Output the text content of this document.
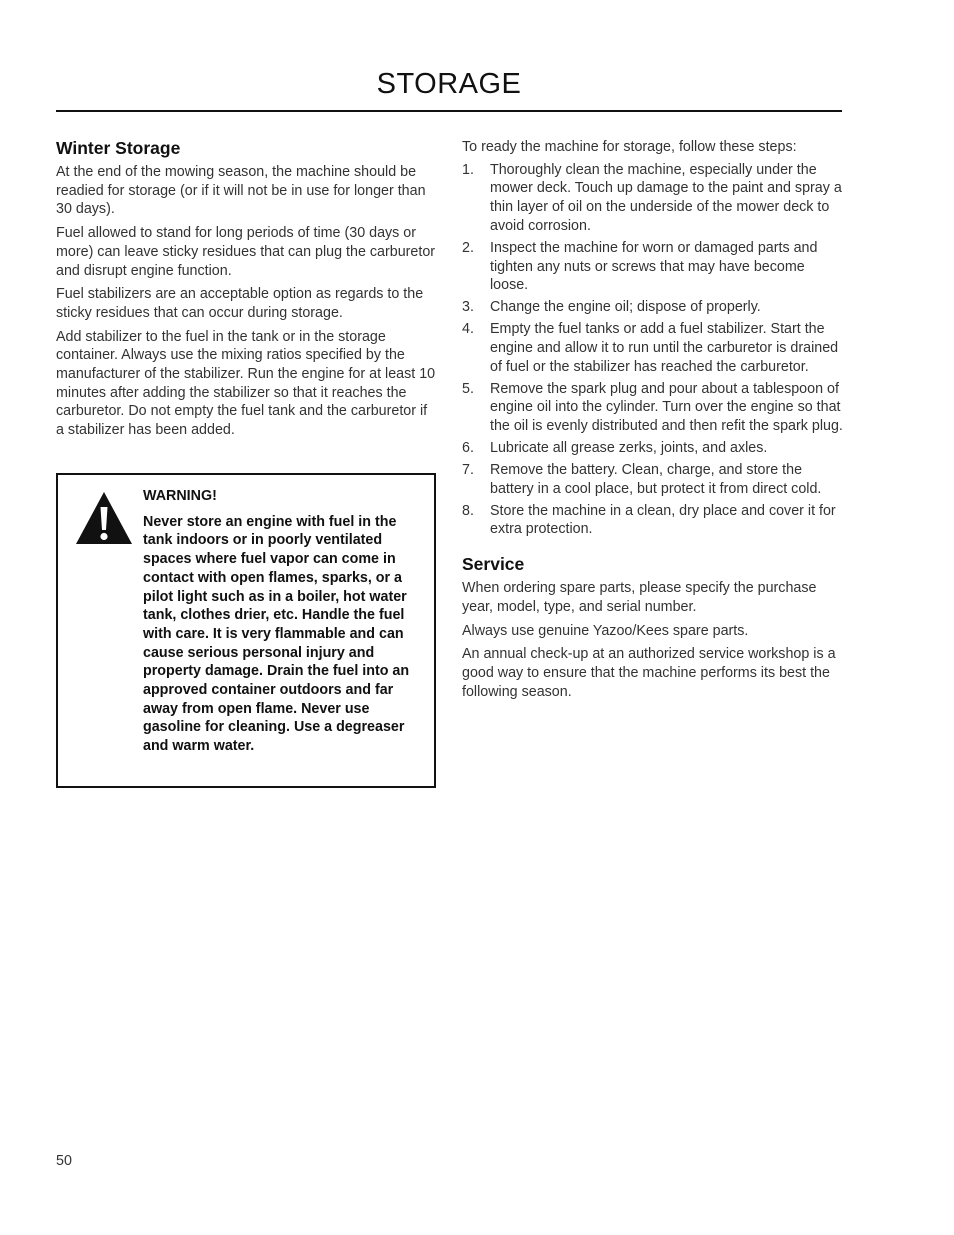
STORAGE
Winter Storage

At the end of the mowing season, the machine should be readied for storage (or if it will not be in use for longer than 30 days).

Fuel allowed to stand for long periods of time (30 days or more) can leave sticky residues that can plug the carburetor and disrupt engine function.

Fuel stabilizers are an acceptable option as regards to the sticky residues that can occur during storage.

Add stabilizer to the fuel in the tank or in the storage container. Always use the mixing ratios specified by the manufacturer of the stabilizer. Run the engine for at least 10 minutes after adding the stabilizer so that it reaches the carburetor. Do not empty the fuel tank and the carburetor if a stabilizer has been added.

WARNING!
Never store an engine with fuel in the tank indoors or in poorly ventilated spaces where fuel vapor can come in contact with open flames, sparks, or a pilot light such as in a boiler, hot water tank, clothes drier, etc. Handle the fuel with care. It is very flammable and can cause serious personal injury and property damage. Drain the fuel into an approved container outdoors and far away from open flame. Never use gasoline for cleaning. Use a degreaser and warm water.

To ready the machine for storage, follow these steps:

1.	Thoroughly clean the machine, especially under the mower deck. Touch up damage to the paint and spray a thin layer of oil on the underside of the mower deck to avoid corrosion.
2.	Inspect the machine for worn or damaged parts and tighten any nuts or screws that may have become loose.
3.	Change the engine oil; dispose of properly.
4.	Empty the fuel tanks or add a fuel stabilizer. Start the engine and allow it to run until the carburetor is drained of fuel or the stabilizer has reached the carburetor.
5.	Remove the spark plug and pour about a tablespoon of engine oil into the cylinder. Turn over the engine so that the oil is evenly distributed and then refit the spark plug.
6.	Lubricate all grease zerks, joints, and axles.
7.	Remove the battery. Clean, charge, and store the battery in a cool place, but protect it from direct cold.
8.	Store the machine in a clean, dry place and cover it for extra protection.
Service

When ordering spare parts, please specify the purchase year, model, type, and serial number.

Always use genuine Yazoo/Kees spare parts.

An annual check-up at an authorized service workshop is a good way to ensure that the machine performs its best the following season.

50
